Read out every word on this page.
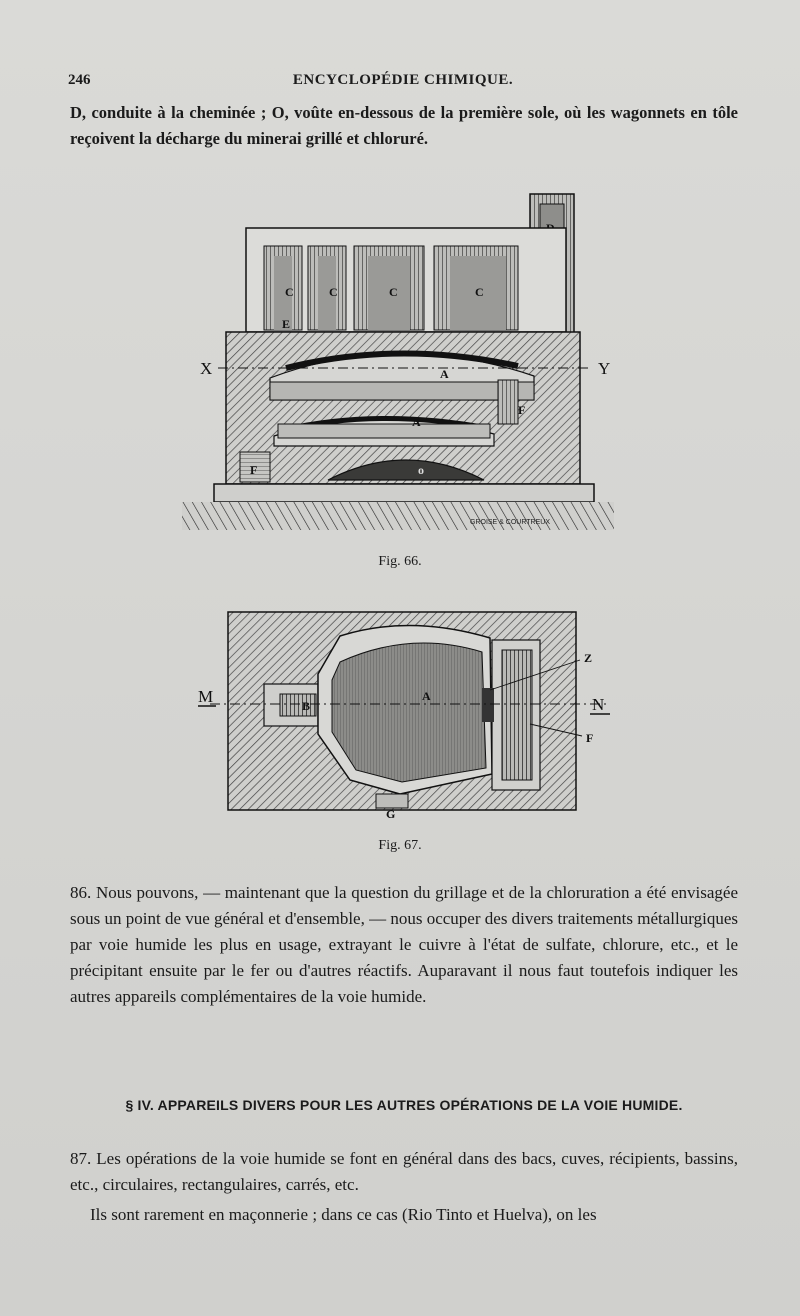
246	ENCYCLOPÉDIE CHIMIQUE.
D, conduite à la cheminée ; O, voûte en-dessous de la première sole, où les wagonnets en tôle reçoivent la décharge du minerai grillé et chloruré.
C	C	C	C
E
A
F
A
o
F
X	Y
GROISE & COURTREUX
Fig. 66.
B
A
M	N
Z
F
G
Fig. 67.
86. Nous pouvons, — maintenant que la question du grillage et de la chloruration a été envisagée sous un point de vue général et d'ensemble, — nous occuper des divers traitements métallurgiques par voie humide les plus en usage, extrayant le cuivre à l'état de sulfate, chlorure, etc., et le précipitant ensuite par le fer ou d'autres réactifs. Auparavant il nous faut toutefois indiquer les autres appareils complémentaires de la voie humide.
§ IV. APPAREILS DIVERS POUR LES AUTRES OPÉRATIONS DE LA VOIE HUMIDE.
87. Les opérations de la voie humide se font en général dans des bacs, cuves, récipients, bassins, etc., circulaires, rectangulaires, carrés, etc.
Ils sont rarement en maçonnerie ; dans ce cas (Rio Tinto et Huelva), on les
